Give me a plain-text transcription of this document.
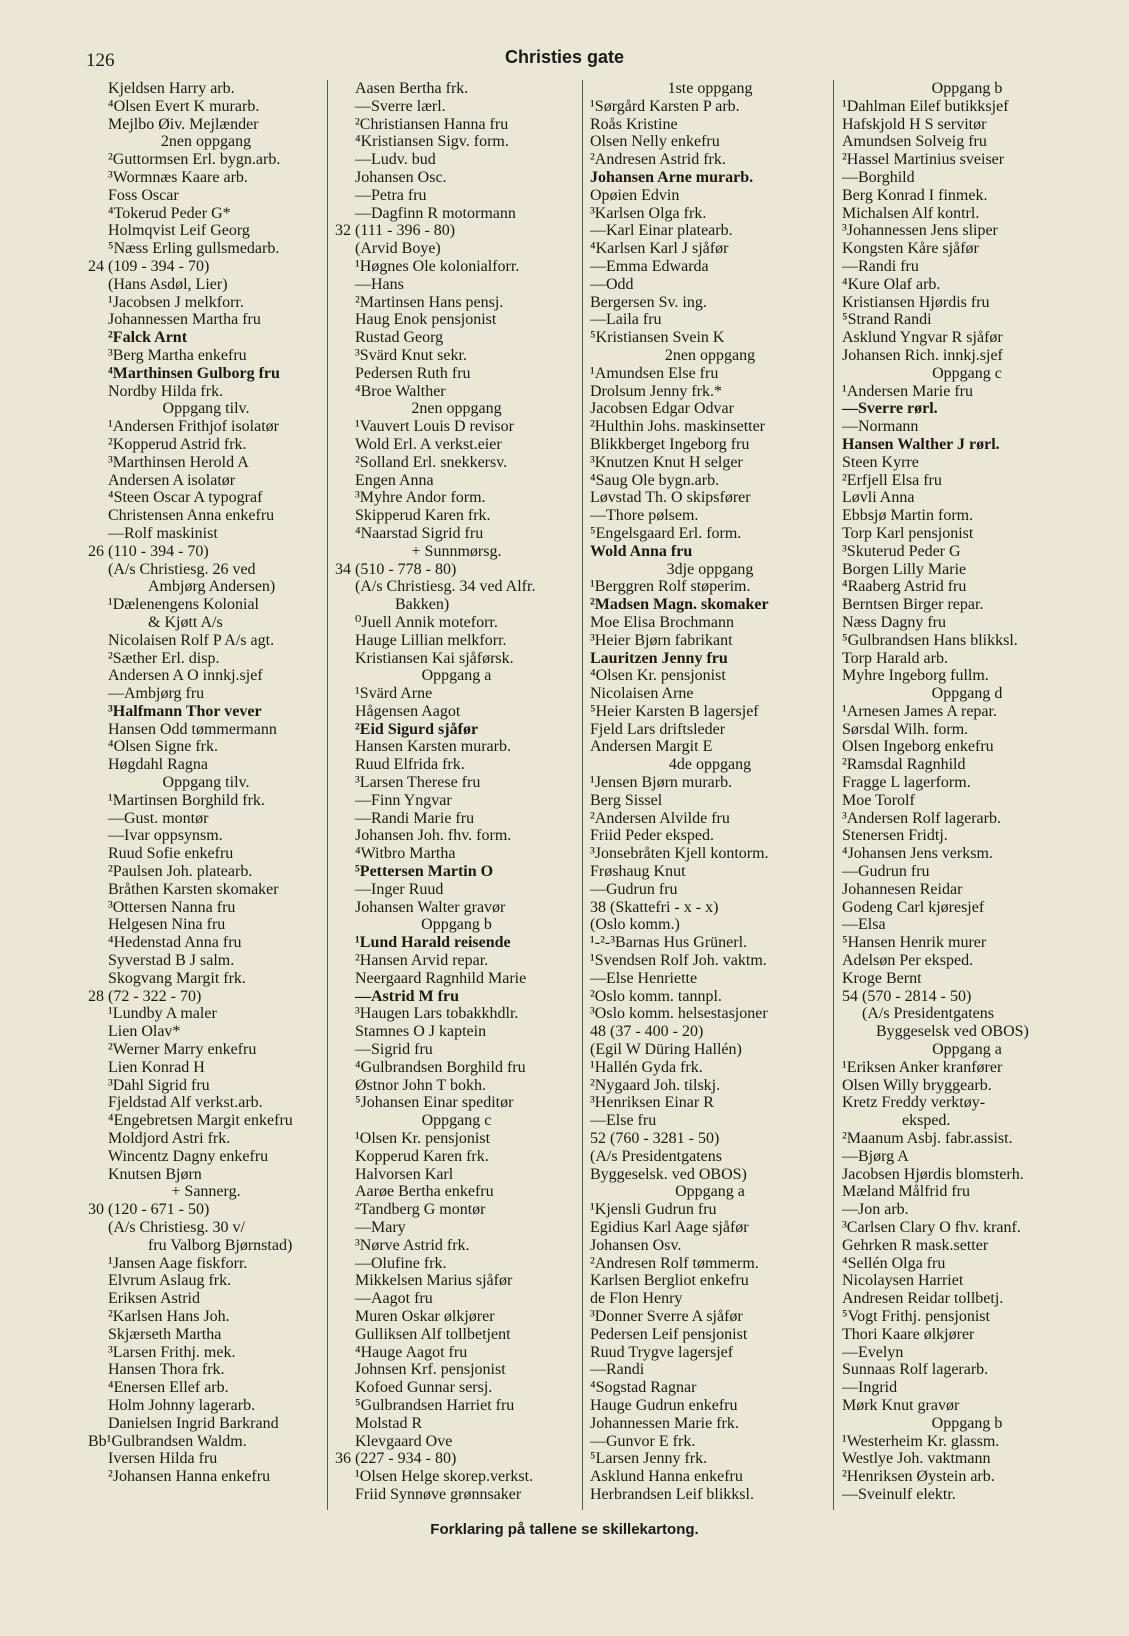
126	Christies gate
Kjeldsen Harry arb.
⁴Olsen Evert K murarb.
Mejlbo Øiv. Mejlænder
2nen oppgang
²Guttormsen Erl. bygn.arb.
³Wormnæs Kaare arb.
Foss Oscar
⁴Tokerud Peder G*
Holmqvist Leif Georg
⁵Næss Erling gullsmedarb.
24 (109 - 394 - 70)
(Hans Asdøl, Lier)
¹Jacobsen J melkforr.
Johannessen Martha fru
²Falck Arnt
³Berg Martha enkefru
⁴Marthinsen Gulborg fru
Nordby Hilda frk.
Oppgang tilv.
¹Andersen Frithjof isolatør
²Kopperud Astrid frk.
³Marthinsen Herold A
Andersen A isolatør
⁴Steen Oscar A typograf
Christensen Anna enkefru
—Rolf maskinist
26 (110 - 394 - 70)
(A/s Christiesg. 26 ved
Ambjørg Andersen)
¹Dælenengens Kolonial
& Kjøtt A/s
Nicolaisen Rolf P A/s agt.
²Sæther Erl. disp.
Andersen A O innkj.sjef
—Ambjørg fru
³Halfmann Thor vever
Hansen Odd tømmermann
⁴Olsen Signe frk.
Høgdahl Ragna
Oppgang tilv.
¹Martinsen Borghild frk.
—Gust. montør
—Ivar oppsynsm.
Ruud Sofie enkefru
²Paulsen Joh. platearb.
Bråthen Karsten skomaker
³Ottersen Nanna fru
Helgesen Nina fru
⁴Hedenstad Anna fru
Syverstad B J salm.
Skogvang Margit frk.
28 (72 - 322 - 70)
¹Lundby A maler
Lien Olav*
²Werner Marry enkefru
Lien Konrad H
³Dahl Sigrid fru
Fjeldstad Alf verkst.arb.
⁴Engebretsen Margit enkefru
Moldjord Astri frk.
Wincentz Dagny enkefru
Knutsen Bjørn
+ Sannerg.
30 (120 - 671 - 50)
(A/s Christiesg. 30 v/
fru Valborg Bjørnstad)
¹Jansen Aage fiskforr.
Elvrum Aslaug frk.
Eriksen Astrid
²Karlsen Hans Joh.
Skjærseth Martha
³Larsen Frithj. mek.
Hansen Thora frk.
⁴Enersen Ellef arb.
Holm Johnny lagerarb.
Danielsen Ingrid Barkrand
Bb¹Gulbrandsen Waldm.
Iversen Hilda fru
²Johansen Hanna enkefru
Aasen Bertha frk.
—Sverre lærl.
²Christiansen Hanna fru
⁴Kristiansen Sigv. form.
—Ludv. bud
Johansen Osc.
—Petra fru
—Dagfinn R motormann
32 (111 - 396 - 80)
(Arvid Boye)
¹Høgnes Ole kolonialforr.
—Hans
²Martinsen Hans pensj.
Haug Enok pensjonist
Rustad Georg
³Svärd Knut sekr.
Pedersen Ruth fru
⁴Broe Walther
2nen oppgang
¹Vauvert Louis D revisor
Wold Erl. A verkst.eier
²Solland Erl. snekkersv.
Engen Anna
³Myhre Andor form.
Skipperud Karen frk.
⁴Naarstad Sigrid fru
+ Sunnmørsg.
34 (510 - 778 - 80)
(A/s Christiesg. 34 ved Alfr.
Bakken)
⁰Juell Annik moteforr.
Hauge Lillian melkforr.
Kristiansen Kai sjåførsk.
Oppgang a
¹Svärd Arne
Hågensen Aagot
²Eid Sigurd sjåfør
Hansen Karsten murarb.
Ruud Elfrida frk.
³Larsen Therese fru
—Finn Yngvar
—Randi Marie fru
Johansen Joh. fhv. form.
⁴Witbro Martha
⁵Pettersen Martin O
—Inger Ruud
Johansen Walter gravør
Oppgang b
¹Lund Harald reisende
²Hansen Arvid repar.
Neergaard Ragnhild Marie
—Astrid M fru
³Haugen Lars tobakkhdlr.
Stamnes O J kaptein
—Sigrid fru
⁴Gulbrandsen Borghild fru
Østnor John T bokh.
⁵Johansen Einar speditør
Oppgang c
¹Olsen Kr. pensjonist
Kopperud Karen frk.
Halvorsen Karl
Aarøe Bertha enkefru
²Tandberg G montør
—Mary
³Nørve Astrid frk.
—Olufine frk.
Mikkelsen Marius sjåfør
—Aagot fru
Muren Oskar ølkjører
Gulliksen Alf tollbetjent
⁴Hauge Aagot fru
Johnsen Krf. pensjonist
Kofoed Gunnar sersj.
⁵Gulbrandsen Harriet fru
Molstad R
Klevgaard Ove
36 (227 - 934 - 80)
¹Olsen Helge skorep.verkst.
Friid Synnøve grønnsaker
1ste oppgang
¹Sørgård Karsten P arb.
Roås Kristine
Olsen Nelly enkefru
²Andresen Astrid frk.
Johansen Arne murarb.
Opøien Edvin
³Karlsen Olga frk.
—Karl Einar platearb.
⁴Karlsen Karl J sjåfør
—Emma Edwarda
—Odd
Bergersen Sv. ing.
—Laila fru
⁵Kristiansen Svein K
2nen oppgang
¹Amundsen Else fru
Drolsum Jenny frk.*
Jacobsen Edgar Odvar
²Hulthin Johs. maskinsetter
Blikkberget Ingeborg fru
³Knutzen Knut H selger
⁴Saug Ole bygn.arb.
Løvstad Th. O skipsfører
—Thore pølsem.
⁵Engelsgaard Erl. form.
Wold Anna fru
3dje oppgang
¹Berggren Rolf støperim.
²Madsen Magn. skomaker
Moe Elisa Brochmann
³Heier Bjørn fabrikant
Lauritzen Jenny fru
⁴Olsen Kr. pensjonist
Nicolaisen Arne
⁵Heier Karsten B lagersjef
Fjeld Lars driftsleder
Andersen Margit E
4de oppgang
¹Jensen Bjørn murarb.
Berg Sissel
²Andersen Alvilde fru
Friid Peder eksped.
³Jonsebråten Kjell kontorm.
Frøshaug Knut
—Gudrun fru
38 (Skattefri - x - x)
(Oslo komm.)
¹-²-³Barnas Hus Grünerl.
¹Svendsen Rolf Joh. vaktm.
—Else Henriette
²Oslo komm. tannpl.
³Oslo komm. helsestasjoner
48 (37 - 400 - 20)
(Egil W Düring Hallén)
¹Hallén Gyda frk.
²Nygaard Joh. tilskj.
³Henriksen Einar R
—Else fru
52 (760 - 3281 - 50)
(A/s Presidentgatens
Byggeselsk. ved OBOS)
Oppgang a
¹Kjensli Gudrun fru
Egidius Karl Aage sjåfør
Johansen Osv.
²Andresen Rolf tømmerm.
Karlsen Bergliot enkefru
de Flon Henry
³Donner Sverre A sjåfør
Pedersen Leif pensjonist
Ruud Trygve lagersjef
—Randi
⁴Sogstad Ragnar
Hauge Gudrun enkefru
Johannessen Marie frk.
—Gunvor E frk.
⁵Larsen Jenny frk.
Asklund Hanna enkefru
Herbrandsen Leif blikksl.
Oppgang b
¹Dahlman Eilef butikksjef
Hafskjold H S servitør
Amundsen Solveig fru
²Hassel Martinius sveiser
—Borghild
Berg Konrad I finmek.
Michalsen Alf kontrl.
³Johannessen Jens sliper
Kongsten Kåre sjåfør
—Randi fru
⁴Kure Olaf arb.
Kristiansen Hjørdis fru
⁵Strand Randi
Asklund Yngvar R sjåfør
Johansen Rich. innkj.sjef
Oppgang c
¹Andersen Marie fru
—Sverre rørl.
—Normann
Hansen Walther J rørl.
Steen Kyrre
²Erfjell Elsa fru
Løvli Anna
Ebbsjø Martin form.
Torp Karl pensjonist
³Skuterud Peder G
Borgen Lilly Marie
⁴Raaberg Astrid fru
Berntsen Birger repar.
Næss Dagny fru
⁵Gulbrandsen Hans blikksl.
Torp Harald arb.
Myhre Ingeborg fullm.
Oppgang d
¹Arnesen James A repar.
Sørsdal Wilh. form.
Olsen Ingeborg enkefru
²Ramsdal Ragnhild
Fragge L lagerform.
Moe Torolf
³Andersen Rolf lagerarb.
Stenersen Fridtj.
⁴Johansen Jens verksm.
—Gudrun fru
Johannesen Reidar
Godeng Carl kjøresjef
—Elsa
⁵Hansen Henrik murer
Adelsøn Per eksped.
Kroge Bernt
54 (570 - 2814 - 50)
(A/s Presidentgatens
Byggeselsk ved OBOS)
Oppgang a
¹Eriksen Anker kranfører
Olsen Willy bryggearb.
Kretz Freddy verktøy-
eksped.
²Maanum Asbj. fabr.assist.
—Bjørg A
Jacobsen Hjørdis blomsterh.
Mæland Målfrid fru
—Jon arb.
³Carlsen Clary O fhv. kranf.
Gehrken R mask.setter
⁴Sellén Olga fru
Nicolaysen Harriet
Andresen Reidar tollbetj.
⁵Vogt Frithj. pensjonist
Thori Kaare ølkjører
—Evelyn
Sunnaas Rolf lagerarb.
—Ingrid
Mørk Knut gravør
Oppgang b
¹Westerheim Kr. glassm.
Westlye Joh. vaktmann
²Henriksen Øystein arb.
—Sveinulf elektr.
Forklaring på tallene se skillekartong.
